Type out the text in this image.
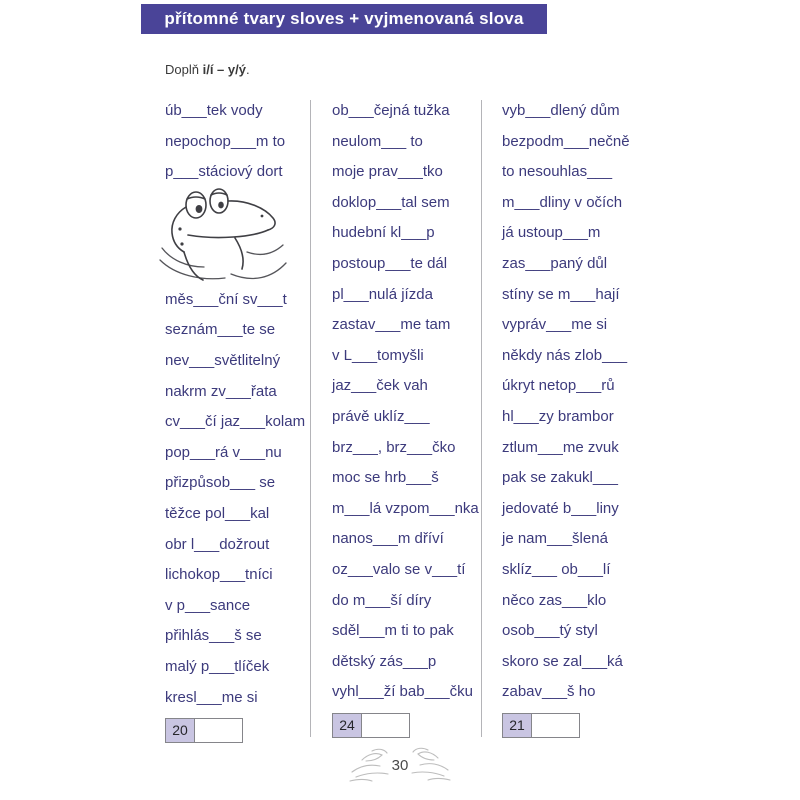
přítomné tvary sloves + vyjmenovaná slova
Doplň i/í – y/ý.
úb___tek vody
nepochop___m to
p___stáciový dort
měs___ční sv___t
seznám___te se
nev___světlitelný
nakrm zv___řata
cv___čí jaz___kolam
pop___rá v___nu
přizpůsob___ se
těžce pol___kal
obr l___dožrout
lichokop___tníci
v p___sance
přihlás___š se
malý p___tlíček
kresl___me si
20
ob___čejná tužka
neulom___ to
moje prav___tko
doklop___tal sem
hudební kl___p
postoup___te dál
pl___nulá jízda
zastav___me tam
v L___tomyšli
jaz___ček vah
právě uklíz___
brz___, brz___čko
moc se hrb___š
m___lá vzpom___nka
nanos___m dříví
oz___valo se v___tí
do m___ší díry
sděl___m ti to pak
dětský zás___p
vyhl___ží bab___čku
24
vyb___dlený dům
bezpodm___nečně
to nesouhlas___
m___dliny v očích
já ustoup___m
zas___paný důl
stíny se m___hají
vypráv___me si
někdy nás zlob___
úkryt netop___rů
hl___zy brambor
ztlum___me zvuk
pak se zakukl___
jedovaté b___liny
je nam___šlená
sklíz___ ob___lí
něco zas___klo
osob___tý styl
skoro se zal___ká
zabav___š ho
21
30
